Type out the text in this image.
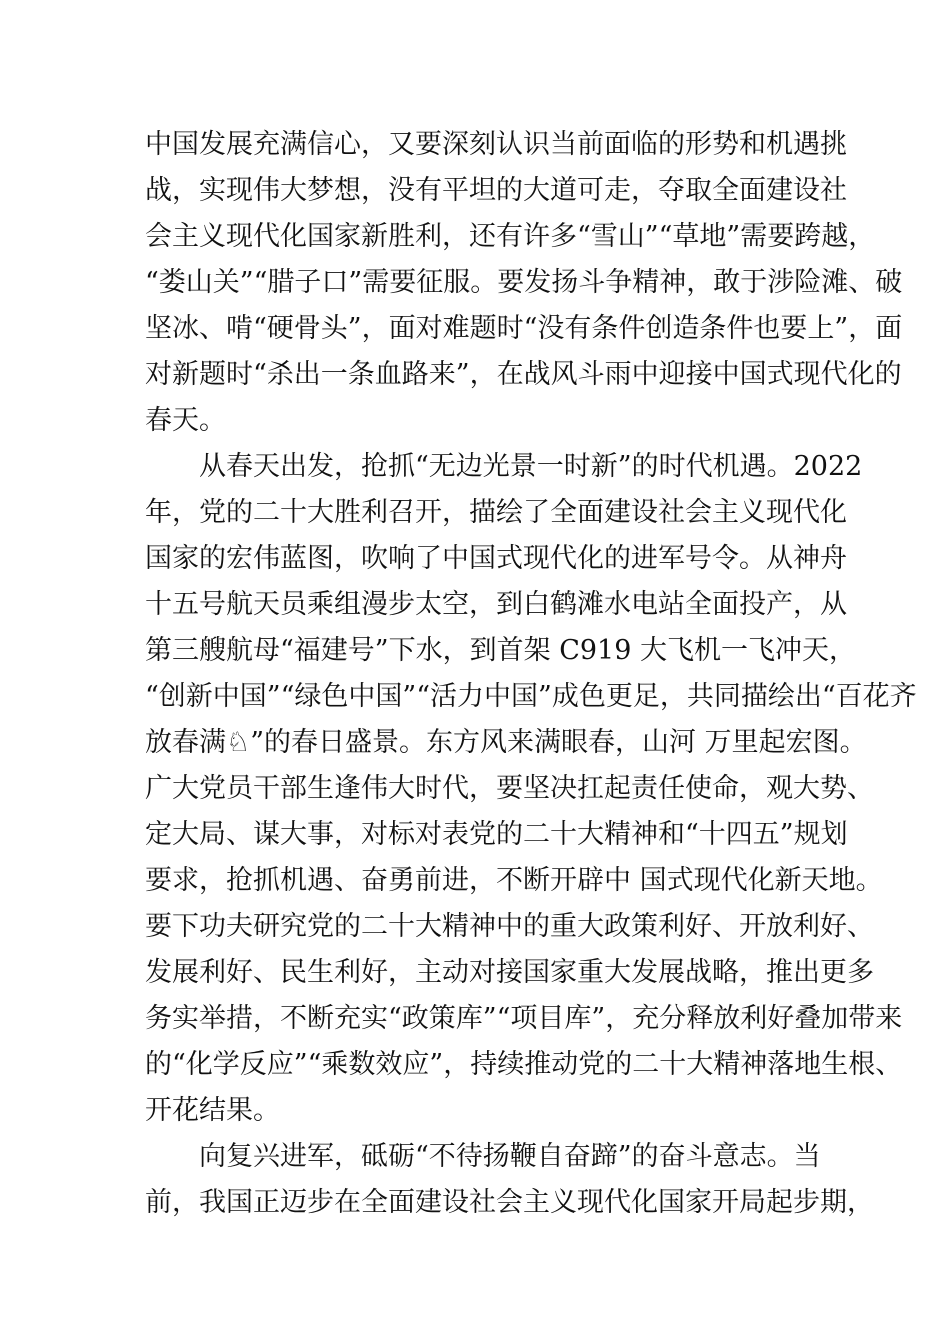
中国发展充满信心，又要深刻认识当前面临的形势和机遇挑
战，实现伟大梦想，没有平坦的大道可走，夺取全面建设社
会主义现代化国家新胜利，还有许多“雪山”“草地”需要跨越，
“娄山关”“腊子口”需要征服。要发扬斗争精神，敢于涉险滩、破
坚冰、啃“硬骨头”，面对难题时“没有条件创造条件也要上”，面
对新题时“杀出一条血路来”，在战风斗雨中迎接中国式现代化的
春天。
从春天出发，抢抓“无边光景一时新”的时代机遇。2022
年，党的二十大胜利召开，描绘了全面建设社会主义现代化
国家的宏伟蓝图，吹响了中国式现代化的进军号令。从神舟
十五号航天员乘组漫步太空，到白鹤滩水电站全面投产，从
第三艘航母“福建号”下水，到首架 C919 大飞机一飞冲天，
“创新中国”“绿色中国”“活力中国”成色更足，共同描绘出“百花齐
放春满♘”的春日盛景。东方风来满眼春，山河 万里起宏图。
广大党员干部生逢伟大时代，要坚决扛起责任使命，观大势、
定大局、谋大事，对标对表党的二十大精神和“十四五”规划
要求，抢抓机遇、奋勇前进，不断开辟中 国式现代化新天地。
要下功夫研究党的二十大精神中的重大政策利好、开放利好、
发展利好、民生利好，主动对接国家重大发展战略，推出更多
务实举措，不断充实“政策库”“项目库”，充分释放利好叠加带来
的“化学反应”“乘数效应”，持续推动党的二十大精神落地生根、
开花结果。
向复兴进军，砥砺“不待扬鞭自奋蹄”的奋斗意志。当
前，我国正迈步在全面建设社会主义现代化国家开局起步期，
